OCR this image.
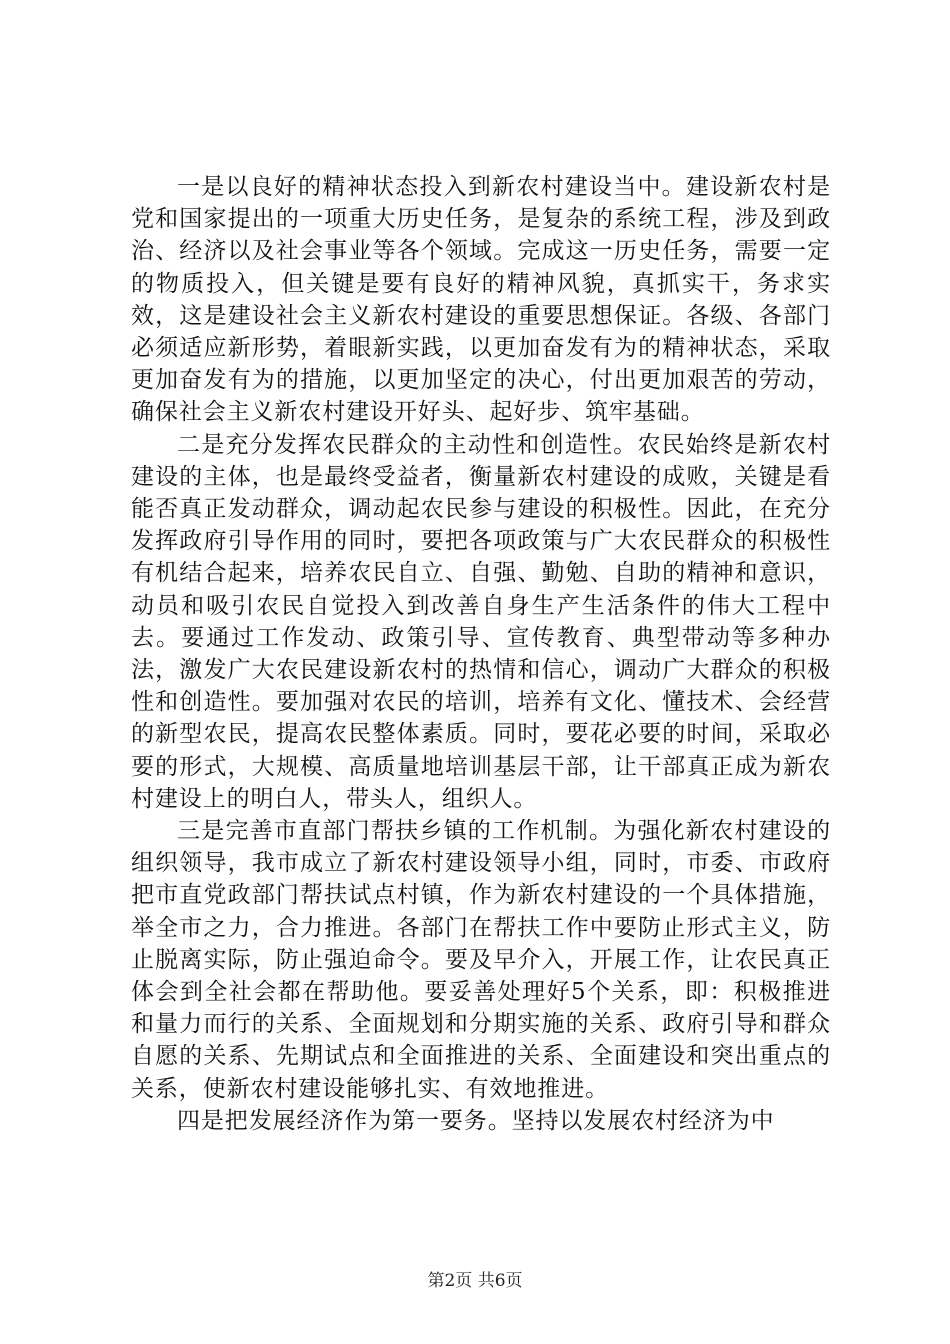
一是以良好的精神状态投入到新农村建设当中。建设新农村是党和国家提出的一项重大历史任务，是复杂的系统工程，涉及到政治、经济以及社会事业等各个领域。完成这一历史任务，需要一定的物质投入，但关键是要有良好的精神风貌，真抓实干，务求实效，这是建设社会主义新农村建设的重要思想保证。各级、各部门必须适应新形势，着眼新实践，以更加奋发有为的精神状态，采取更加奋发有为的措施，以更加坚定的决心，付出更加艰苦的劳动，确保社会主义新农村建设开好头、起好步、筑牢基础。

二是充分发挥农民群众的主动性和创造性。农民始终是新农村建设的主体，也是最终受益者，衡量新农村建设的成败，关键是看能否真正发动群众，调动起农民参与建设的积极性。因此，在充分发挥政府引导作用的同时，要把各项政策与广大农民群众的积极性有机结合起来，培养农民自立、自强、勤勉、自助的精神和意识，动员和吸引农民自觉投入到改善自身生产生活条件的伟大工程中去。要通过工作发动、政策引导、宣传教育、典型带动等多种办法，激发广大农民建设新农村的热情和信心，调动广大群众的积极性和创造性。要加强对农民的培训，培养有文化、懂技术、会经营的新型农民，提高农民整体素质。同时，要花必要的时间，采取必要的形式，大规模、高质量地培训基层干部，让干部真正成为新农村建设上的明白人，带头人，组织人。

三是完善市直部门帮扶乡镇的工作机制。为强化新农村建设的组织领导，我市成立了新农村建设领导小组，同时，市委、市政府把市直党政部门帮扶试点村镇，作为新农村建设的一个具体措施，举全市之力，合力推进。各部门在帮扶工作中要防止形式主义，防止脱离实际，防止强迫命令。要及早介入，开展工作，让农民真正体会到全社会都在帮助他。要妥善处理好5个关系，即：积极推进和量力而行的关系、全面规划和分期实施的关系、政府引导和群众自愿的关系、先期试点和全面推进的关系、全面建设和突出重点的关系，使新农村建设能够扎实、有效地推进。

四是把发展经济作为第一要务。坚持以发展农村经济为中

第2页 共6页
